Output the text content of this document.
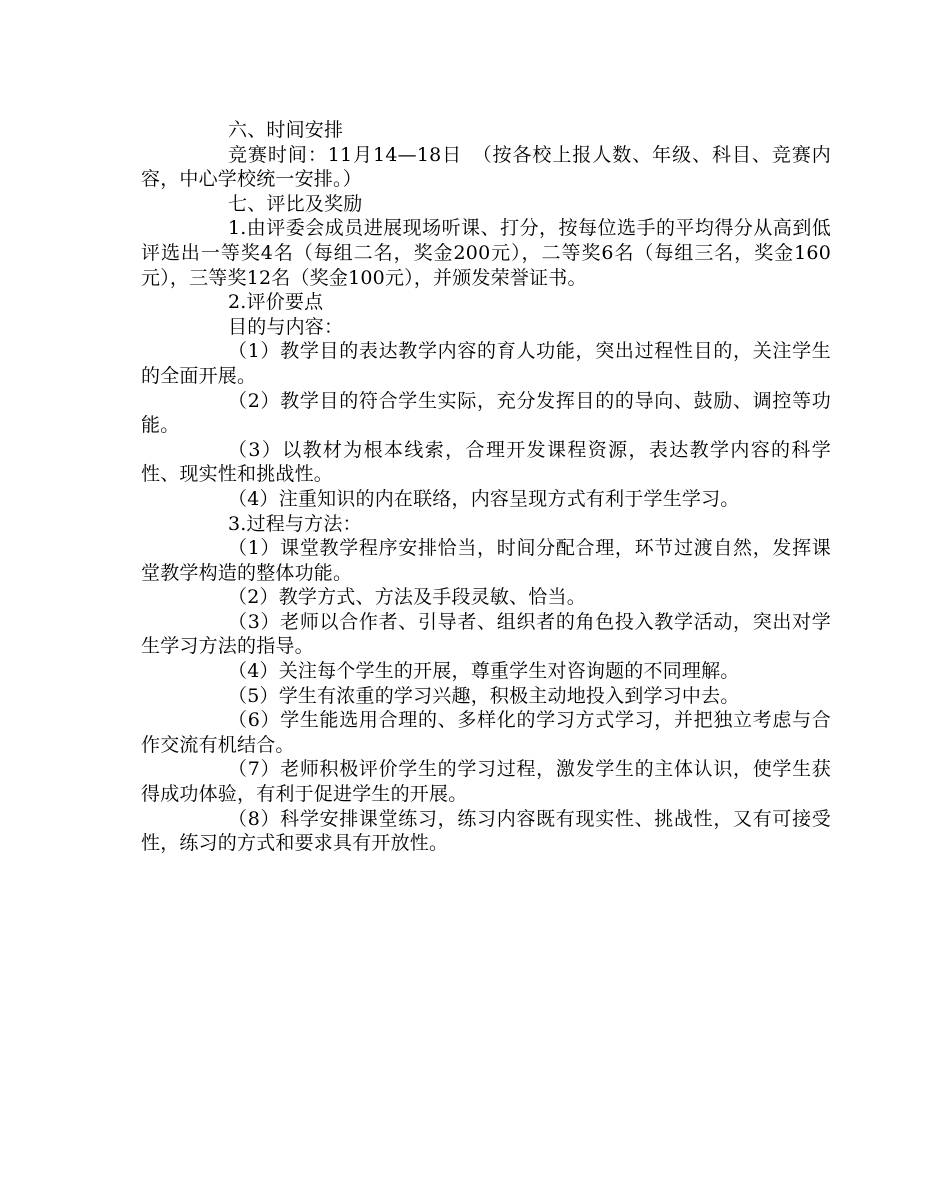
六、时间安排

竞赛时间：11月14—18日　（按各校上报人数、年级、科目、竞赛内容，中心学校统一安排。）

七、评比及奖励

1.由评委会成员进展现场听课、打分，按每位选手的平均得分从高到低评选出一等奖4名（每组二名，奖金200元），二等奖6名（每组三名，奖金160元），三等奖12名（奖金100元），并颁发荣誉证书。

2.评价要点

目的与内容：

（1）教学目的表达教学内容的育人功能，突出过程性目的，关注学生的全面开展。

（2）教学目的符合学生实际，充分发挥目的的导向、鼓励、调控等功能。

（3）以教材为根本线索，合理开发课程资源，表达教学内容的科学性、现实性和挑战性。

（4）注重知识的内在联络，内容呈现方式有利于学生学习。

3.过程与方法：

（1）课堂教学程序安排恰当，时间分配合理，环节过渡自然，发挥课堂教学构造的整体功能。

（2）教学方式、方法及手段灵敏、恰当。

（3）老师以合作者、引导者、组织者的角色投入教学活动，突出对学生学习方法的指导。

（4）关注每个学生的开展，尊重学生对咨询题的不同理解。

（5）学生有浓重的学习兴趣，积极主动地投入到学习中去。

（6）学生能选用合理的、多样化的学习方式学习，并把独立考虑与合作交流有机结合。

（7）老师积极评价学生的学习过程，激发学生的主体认识，使学生获得成功体验，有利于促进学生的开展。

（8）科学安排课堂练习，练习内容既有现实性、挑战性，又有可接受性，练习的方式和要求具有开放性。
